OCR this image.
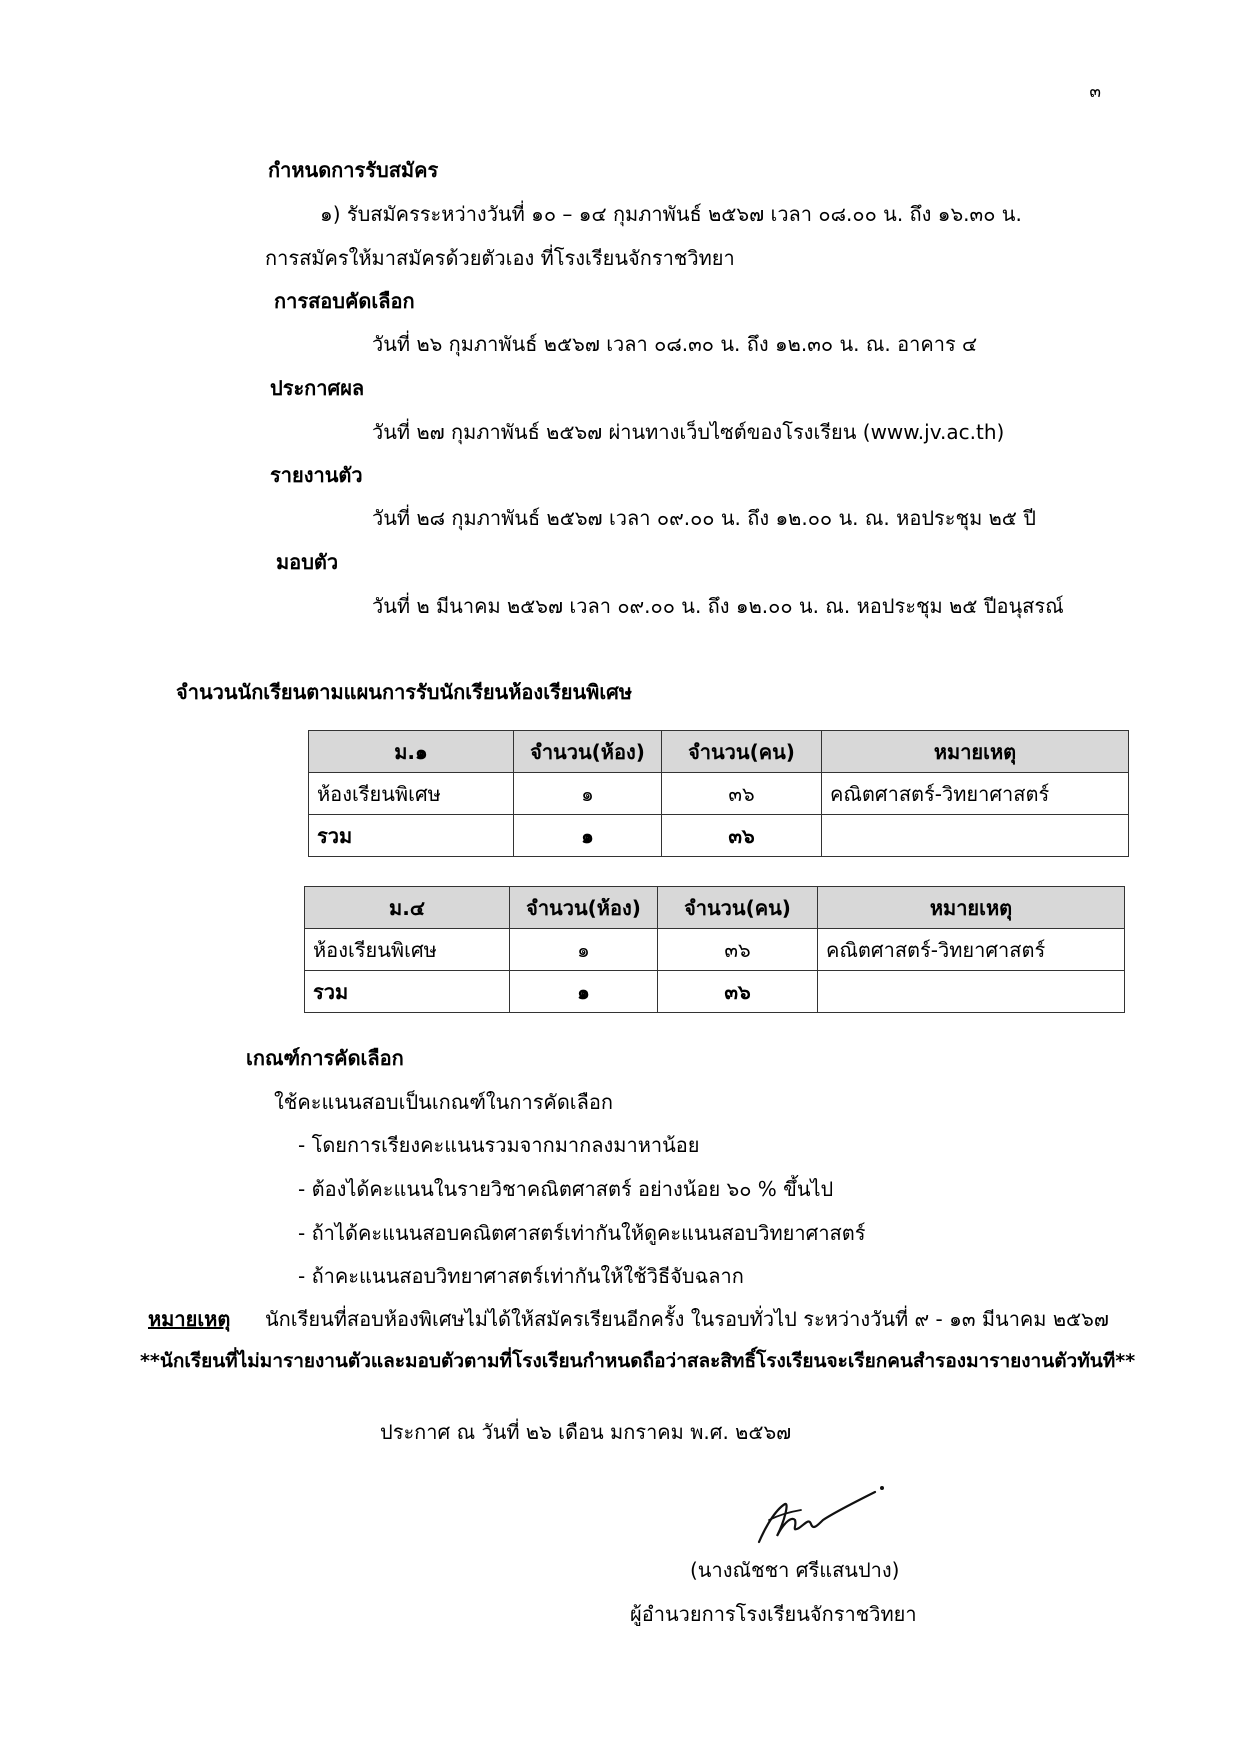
๓
กำหนดการรับสมัคร
๑) รับสมัครระหว่างวันที่ ๑๐ – ๑๔ กุมภาพันธ์ ๒๕๖๗ เวลา ๐๘.๐๐ น. ถึง ๑๖.๓๐ น.
การสมัครให้มาสมัครด้วยตัวเอง ที่โรงเรียนจักราชวิทยา
การสอบคัดเลือก
วันที่ ๒๖ กุมภาพันธ์ ๒๕๖๗ เวลา ๐๘.๓๐ น. ถึง ๑๒.๓๐ น. ณ. อาคาร ๔
ประกาศผล
วันที่ ๒๗ กุมภาพันธ์ ๒๕๖๗ ผ่านทางเว็บไซต์ของโรงเรียน (www.jv.ac.th)
รายงานตัว
วันที่ ๒๘ กุมภาพันธ์ ๒๕๖๗ เวลา ๐๙.๐๐ น. ถึง ๑๒.๐๐ น. ณ. หอประชุม ๒๕ ปี
มอบตัว
วันที่ ๒ มีนาคม ๒๕๖๗ เวลา ๐๙.๐๐ น. ถึง ๑๒.๐๐ น. ณ. หอประชุม ๒๕ ปีอนุสรณ์
จำนวนนักเรียนตามแผนการรับนักเรียนห้องเรียนพิเศษ
ม.๑	จำนวน(ห้อง)	จำนวน(คน)	หมายเหตุ
ห้องเรียนพิเศษ	๑	๓๖	คณิตศาสตร์-วิทยาศาสตร์
รวม	๑	๓๖	
ม.๔	จำนวน(ห้อง)	จำนวน(คน)	หมายเหตุ
ห้องเรียนพิเศษ	๑	๓๖	คณิตศาสตร์-วิทยาศาสตร์
รวม	๑	๓๖	
เกณฑ์การคัดเลือก
ใช้คะแนนสอบเป็นเกณฑ์ในการคัดเลือก
- โดยการเรียงคะแนนรวมจากมากลงมาหาน้อย
- ต้องได้คะแนนในรายวิชาคณิตศาสตร์ อย่างน้อย ๖๐ % ขึ้นไป
- ถ้าได้คะแนนสอบคณิตศาสตร์เท่ากันให้ดูคะแนนสอบวิทยาศาสตร์
- ถ้าคะแนนสอบวิทยาศาสตร์เท่ากันให้ใช้วิธีจับฉลาก
หมายเหตุ นักเรียนที่สอบห้องพิเศษไม่ได้ให้สมัครเรียนอีกครั้ง ในรอบทั่วไป ระหว่างวันที่ ๙ - ๑๓ มีนาคม ๒๕๖๗
**นักเรียนที่ไม่มารายงานตัวและมอบตัวตามที่โรงเรียนกำหนดถือว่าสละสิทธิ์โรงเรียนจะเรียกคนสำรองมารายงานตัวทันที**
ประกาศ ณ วันที่ ๒๖ เดือน มกราคม พ.ศ. ๒๕๖๗
(นางณัชชา ศรีแสนปาง)
ผู้อำนวยการโรงเรียนจักราชวิทยา
